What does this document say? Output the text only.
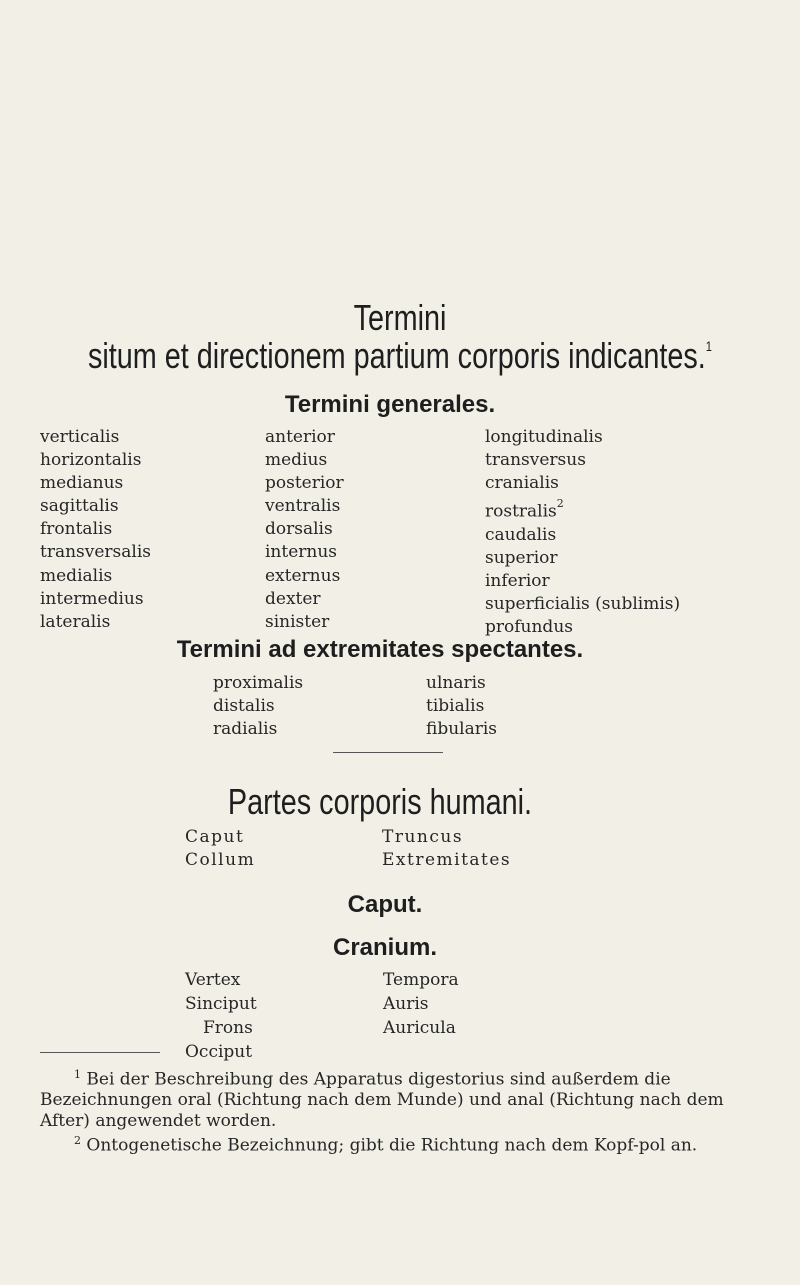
Termini
situm et directionem partium corporis indicantes.$^1$
Termini generales.
verticalis
horizontalis
medianus
sagittalis
frontalis
transversalis
medialis
intermedius
lateralis
anterior
medius
posterior
ventralis
dorsalis
internus
externus
dexter
sinister
longitudinalis
transversus
cranialis
rostralis$^2$
caudalis
superior
inferior
superficialis (sublimis)
profundus
Termini ad extremitates spectantes.
proximalis
distalis
radialis
ulnaris
tibialis
fibularis
Partes corporis humani.
Caput
Collum
Truncus
Extremitates
Caput.
Cranium.
Vertex
Sinciput
Frons
Occiput
Tempora
Auris
Auricula

$^1$ Bei der Beschreibung des Apparatus digestorius sind außerdem die Bezeichnungen oral (Richtung nach dem Munde) und anal (Richtung nach dem After) angewendet worden.

$^2$ Ontogenetische Bezeichnung; gibt die Richtung nach dem Kopf-pol an.
